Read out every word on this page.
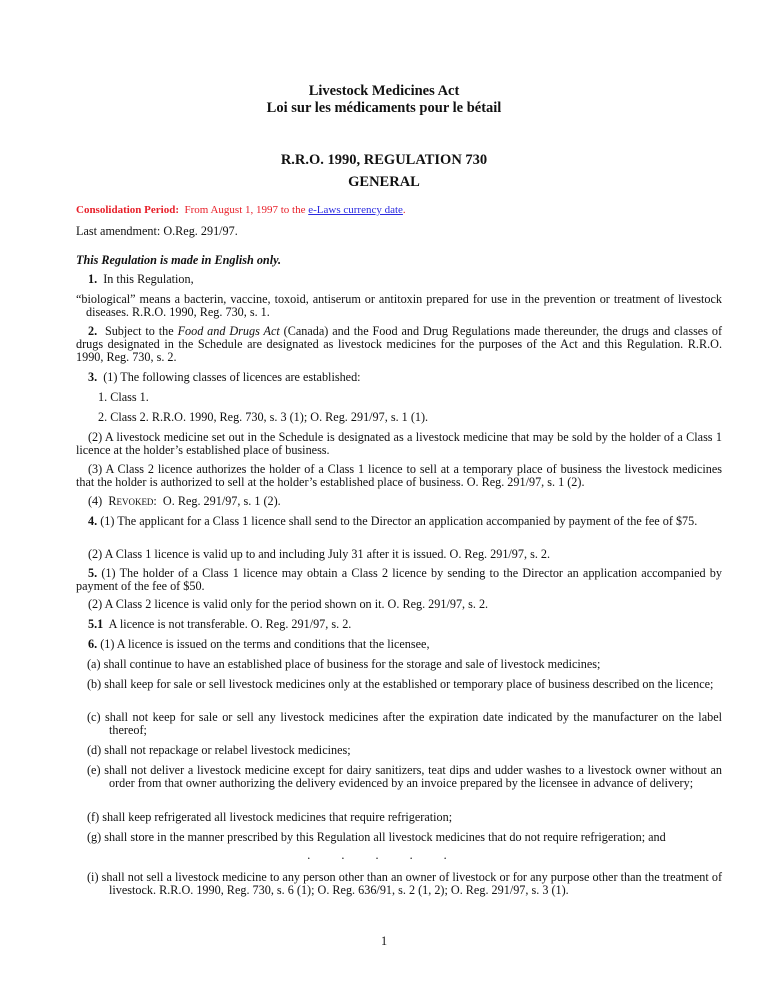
Livestock Medicines Act
Loi sur les médicaments pour le bétail
R.R.O. 1990, REGULATION 730
GENERAL
Consolidation Period: From August 1, 1997 to the e-Laws currency date.
Last amendment: O.Reg. 291/97.
This Regulation is made in English only.
1. In this Regulation,
“biological” means a bacterin, vaccine, toxoid, antiserum or antitoxin prepared for use in the prevention or treatment of livestock diseases. R.R.O. 1990, Reg. 730, s. 1.
2. Subject to the Food and Drugs Act (Canada) and the Food and Drug Regulations made thereunder, the drugs and classes of drugs designated in the Schedule are designated as livestock medicines for the purposes of the Act and this Regulation. R.R.O. 1990, Reg. 730, s. 2.
3. (1) The following classes of licences are established:
1. Class 1.
2. Class 2. R.R.O. 1990, Reg. 730, s. 3 (1); O. Reg. 291/97, s. 1 (1).
(2) A livestock medicine set out in the Schedule is designated as a livestock medicine that may be sold by the holder of a Class 1 licence at the holder’s established place of business.
(3) A Class 2 licence authorizes the holder of a Class 1 licence to sell at a temporary place of business the livestock medicines that the holder is authorized to sell at the holder’s established place of business. O. Reg. 291/97, s. 1 (2).
(4) Revoked: O. Reg. 291/97, s. 1 (2).
4. (1) The applicant for a Class 1 licence shall send to the Director an application accompanied by payment of the fee of $75.
(2) A Class 1 licence is valid up to and including July 31 after it is issued. O. Reg. 291/97, s. 2.
5. (1) The holder of a Class 1 licence may obtain a Class 2 licence by sending to the Director an application accompanied by payment of the fee of $50.
(2) A Class 2 licence is valid only for the period shown on it. O. Reg. 291/97, s. 2.
5.1 A licence is not transferable. O. Reg. 291/97, s. 2.
6. (1) A licence is issued on the terms and conditions that the licensee,
(a) shall continue to have an established place of business for the storage and sale of livestock medicines;
(b) shall keep for sale or sell livestock medicines only at the established or temporary place of business described on the licence;
(c) shall not keep for sale or sell any livestock medicines after the expiration date indicated by the manufacturer on the label thereof;
(d) shall not repackage or relabel livestock medicines;
(e) shall not deliver a livestock medicine except for dairy sanitizers, teat dips and udder washes to a livestock owner without an order from that owner authorizing the delivery evidenced by an invoice prepared by the licensee in advance of delivery;
(f) shall keep refrigerated all livestock medicines that require refrigeration;
(g) shall store in the manner prescribed by this Regulation all livestock medicines that do not require refrigeration; and
. . . . .
(i) shall not sell a livestock medicine to any person other than an owner of livestock or for any purpose other than the treatment of livestock. R.R.O. 1990, Reg. 730, s. 6 (1); O. Reg. 636/91, s. 2 (1, 2); O. Reg. 291/97, s. 3 (1).
1
